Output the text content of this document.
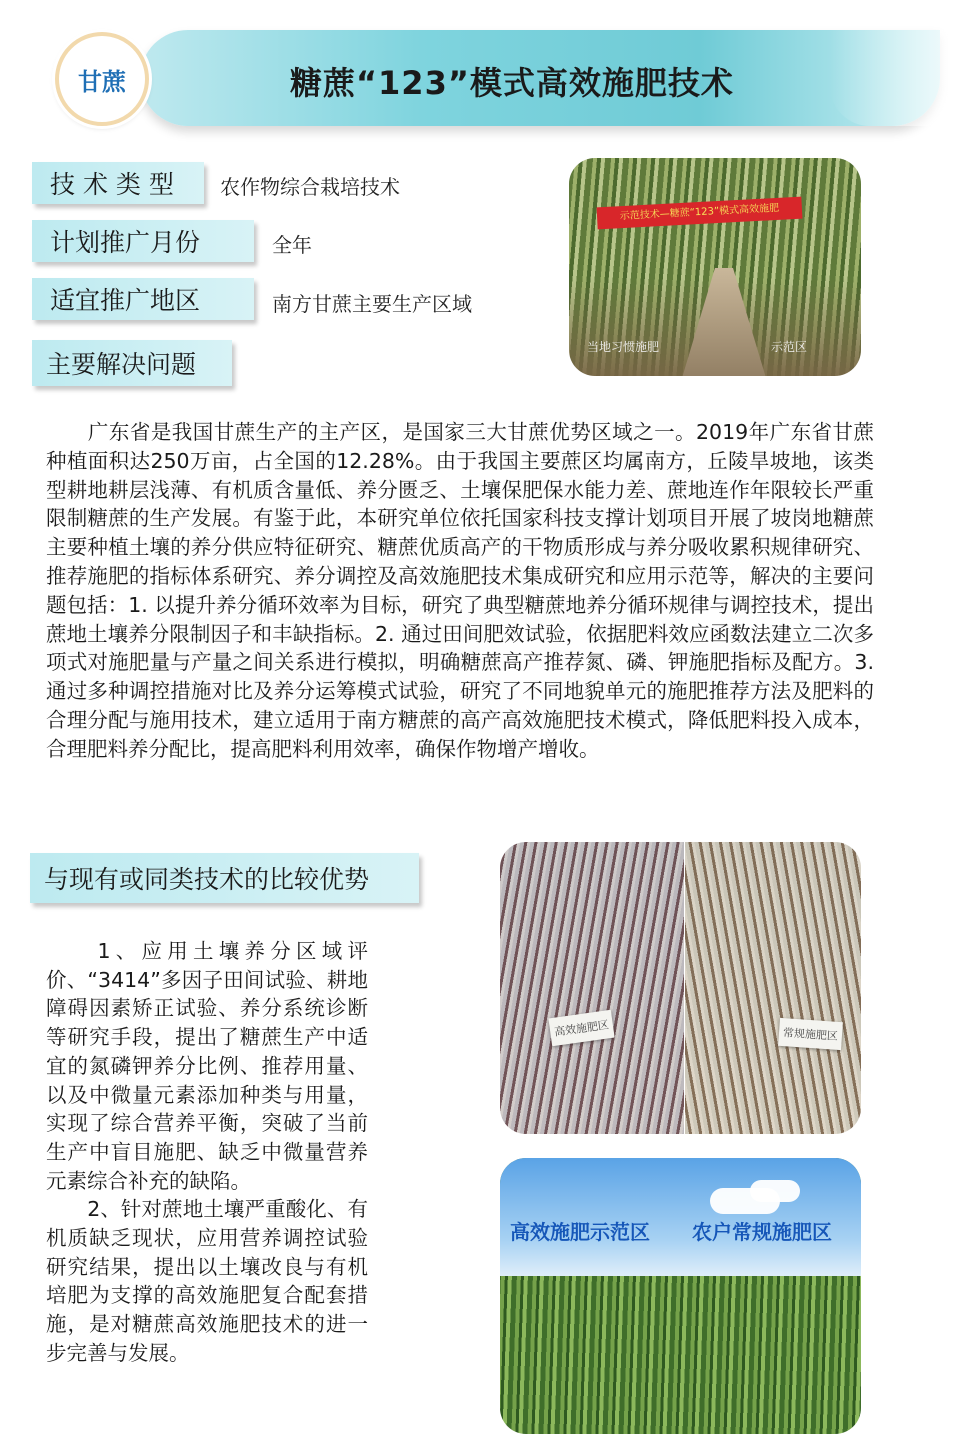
甘蔗	糖蔗“123”模式高效施肥技术
技 术 类 型 农作物综合栽培技术
计划推广月份	全年
适宜推广地区	南方甘蔗主要生产区域
主要解决问题
示范技术—糖蔗“123”模式高效施肥
当地习惯施肥	示范区
　　广东省是我国甘蔗生产的主产区，是国家三大甘蔗优势区域之一。2019年广东省甘蔗种植面积达250万亩，占全国的12.28%。由于我国主要蔗区均属南方，丘陵旱坡地，该类型耕地耕层浅薄、有机质含量低、养分匮乏、土壤保肥保水能力差、蔗地连作年限较长严重限制糖蔗的生产发展。有鉴于此，本研究单位依托国家科技支撑计划项目开展了坡岗地糖蔗主要种植土壤的养分供应特征研究、糖蔗优质高产的干物质形成与养分吸收累积规律研究、推荐施肥的指标体系研究、养分调控及高效施肥技术集成研究和应用示范等，解决的主要问题包括：1. 以提升养分循环效率为目标，研究了典型糖蔗地养分循环规律与调控技术，提出蔗地土壤养分限制因子和丰缺指标。2. 通过田间肥效试验，依据肥料效应函数法建立二次多项式对施肥量与产量之间关系进行模拟，明确糖蔗高产推荐氮、磷、钾施肥指标及配方。3.通过多种调控措施对比及养分运筹模式试验，研究了不同地貌单元的施肥推荐方法及肥料的合理分配与施用技术，建立适用于南方糖蔗的高产高效施肥技术模式，降低肥料投入成本，合理肥料养分配比，提高肥料利用效率，确保作物增产增收。
与现有或同类技术的比较优势
　　1、应用土壤养分区域评价、“3414”多因子田间试验、耕地障碍因素矫正试验、养分系统诊断等研究手段，提出了糖蔗生产中适宜的氮磷钾养分比例、推荐用量、以及中微量元素添加种类与用量，实现了综合营养平衡，突破了当前生产中盲目施肥、缺乏中微量营养元素综合补充的缺陷。
　　2、针对蔗地土壤严重酸化、有机质缺乏现状，应用营养调控试验研究结果，提出以土壤改良与有机培肥为支撑的高效施肥复合配套措施，是对糖蔗高效施肥技术的进一步完善与发展。
高效施肥区	常规施肥区
高效施肥示范区 农户常规施肥区
